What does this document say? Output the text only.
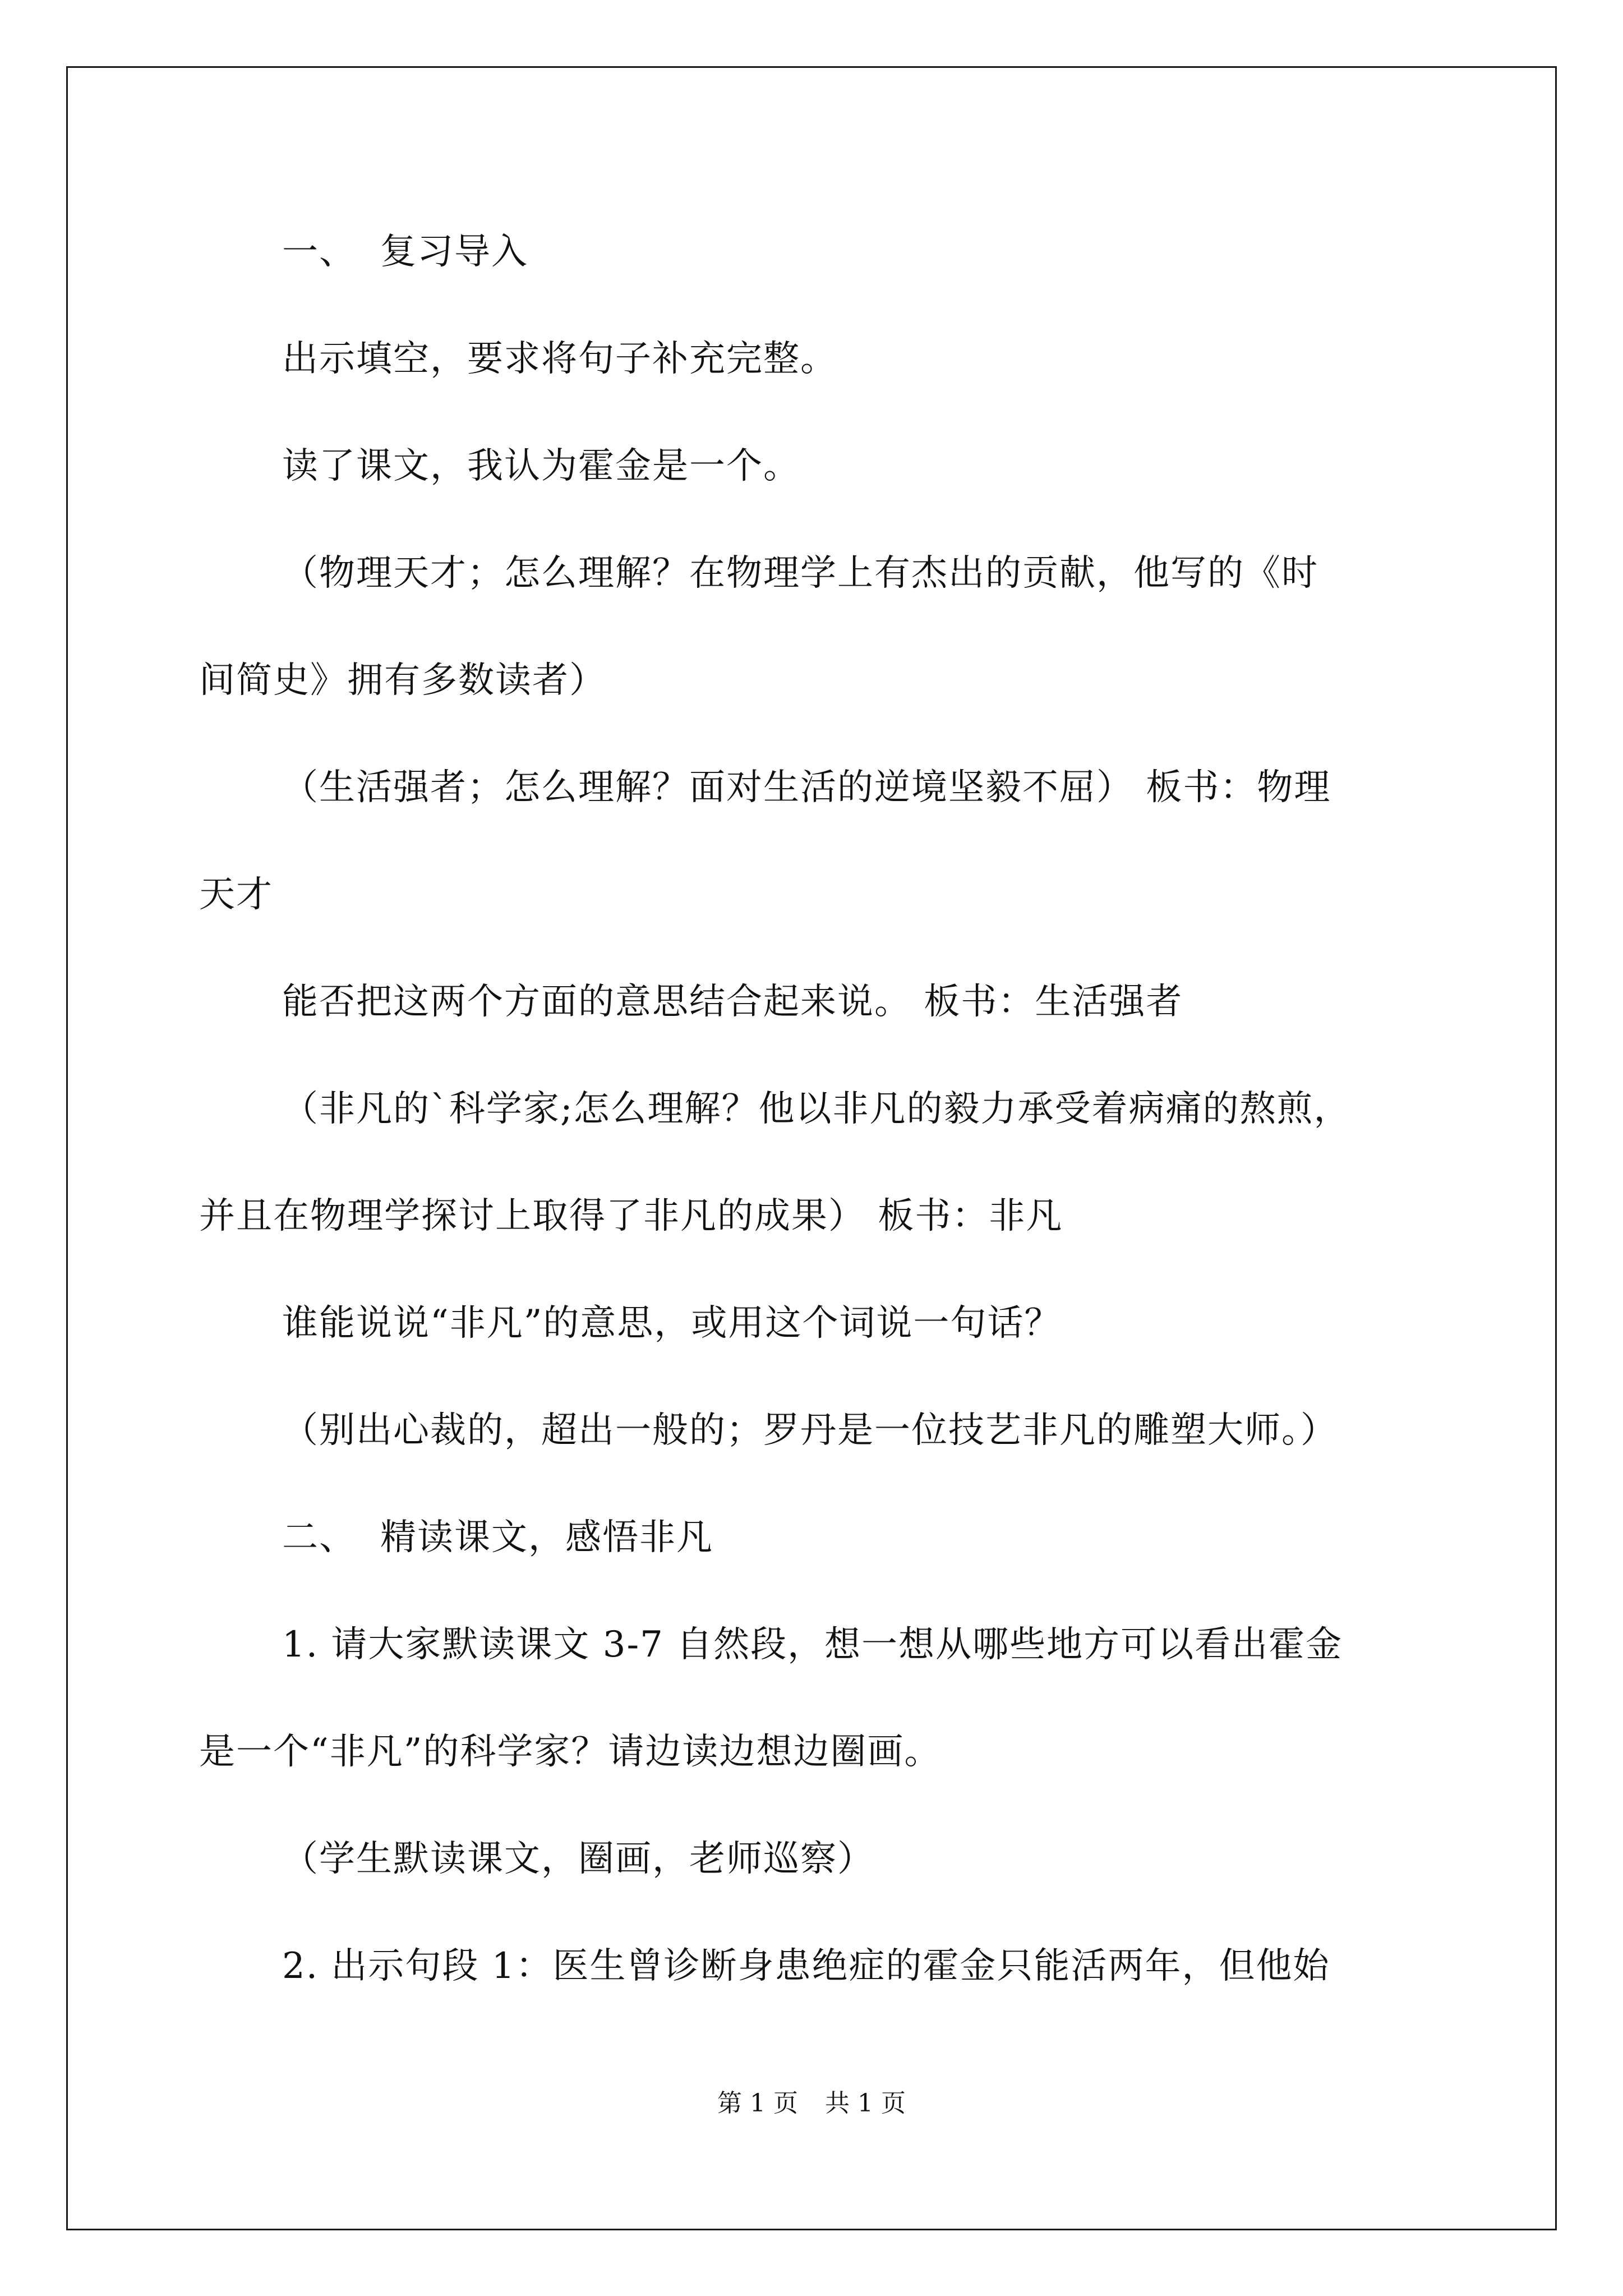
一、 复习导入
出示填空，要求将句子补充完整。
读了课文，我认为霍金是一个。
（物理天才；怎么理解？在物理学上有杰出的贡献，他写的《时
间简史》拥有多数读者）
（生活强者；怎么理解？面对生活的逆境坚毅不屈） 板书：物理
天才
能否把这两个方面的意思结合起来说。 板书：生活强者
（非凡的`科学家;怎么理解？他以非凡的毅力承受着病痛的熬煎，
并且在物理学探讨上取得了非凡的成果） 板书：非凡
谁能说说“非凡”的意思，或用这个词说一句话？
（别出心裁的，超出一般的；罗丹是一位技艺非凡的雕塑大师。）
二、 精读课文，感悟非凡
1. 请大家默读课文 3-7 自然段，想一想从哪些地方可以看出霍金
是一个“非凡”的科学家？请边读边想边圈画。
（学生默读课文，圈画，老师巡察）
2. 出示句段 1：医生曾诊断身患绝症的霍金只能活两年，但他始
第 1 页 共 1 页
